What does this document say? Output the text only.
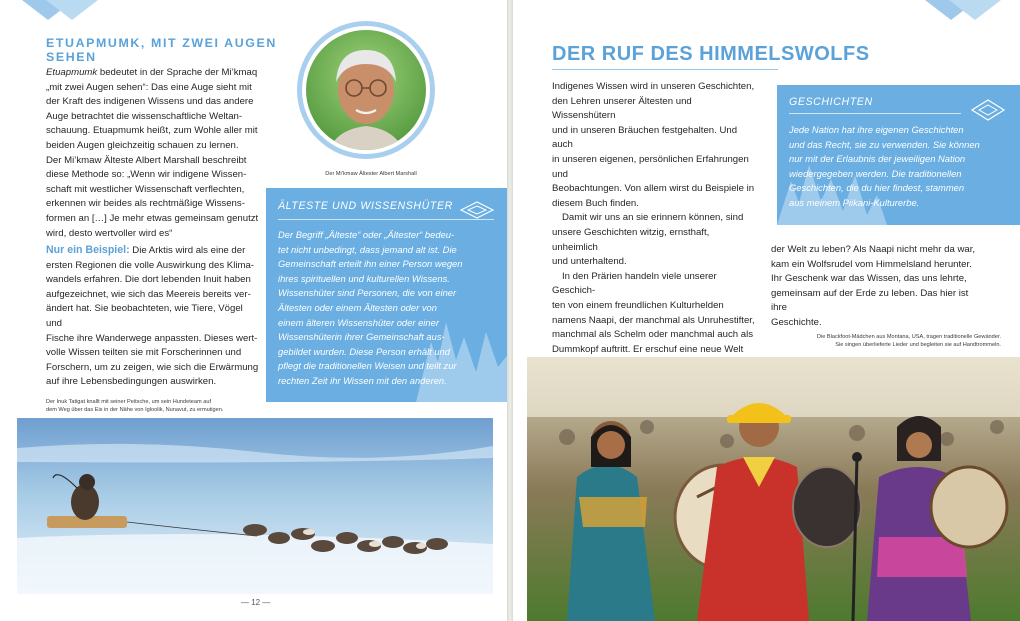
ETUAPMUMK, MIT ZWEI AUGEN
SEHEN

Etuapmumk bedeutet in der Sprache der Mi’kmaq

„mit zwei Augen sehen“: Das eine Auge sieht mit

der Kraft des indigenen Wissens und das andere

Auge betrachtet die wissenschaftliche Weltan-

schauung. Etuapmumk heißt, zum Wohle aller mit

beiden Augen gleichzeitig schauen zu lernen.

Der Mi’kmaw Älteste Albert Marshall beschreibt

diese Methode so: „Wenn wir indigene Wissen-

schaft mit westlicher Wissenschaft verflechten,

erkennen wir beides als rechtmäßige Wissens-

formen an […] Je mehr etwas gemeinsam genutzt

wird, desto wertvoller wird es“

Nur ein Beispiel: Die Arktis wird als eine der

ersten Regionen die volle Auswirkung des Klima-

wandels erfahren. Die dort lebenden Inuit haben

aufgezeichnet, wie sich das Meereis bereits ver-

ändert hat. Sie beobachteten, wie Tiere, Vögel und

Fische ihre Wanderwege anpassten. Dieses wert-

volle Wissen teilten sie mit Forscherinnen und

Forschern, um zu zeigen, wie sich die Erwärmung

auf ihre Lebensbedingungen auswirken.

Der Mi’kmaw Ältester Albert Marshall
ÄLTESTE UND WISSENSHÜTER

Der Begriff „Älteste“ oder „Ältester“ bedeu-

tet nicht unbedingt, dass jemand alt ist. Die

Gemeinschaft erteilt ihn einer Person wegen

ihres spirituellen und kulturellen Wissens.

Wissenshüter sind Personen, die von einer

Ältesten oder einem Ältesten oder von

einem älteren Wissenshüter oder einer

Wissenshüterin ihrer Gemeinschaft aus-

gebildet wurden. Diese Person erhält und

pflegt die traditionellen Weisen und teilt zur

rechten Zeit ihr Wissen mit den anderen.

Der Inuk Tatigat knallt mit seiner Peitsche, um sein Hundeteam auf
dem Weg über das Eis in der Nähe von Igloolik, Nunavut, zu ermutigen.
— 12 —
DER RUF DES HIMMELSWOLFS

Indigenes Wissen wird in unseren Geschichten,

den Lehren unserer Ältesten und Wissenshütern

und in unseren Bräuchen festgehalten. Und auch

in unseren eigenen, persönlichen Erfahrungen und

Beobachtungen. Von allem wirst du Beispiele in

diesem Buch finden.

Damit wir uns an sie erinnern können, sind

unsere Geschichten witzig, ernsthaft, unheimlich

und unterhaltend.

In den Prärien handeln viele unserer Geschich-

ten von einem freundlichen Kulturhelden

namens Naapi, der manchmal als Unruhestifter,

manchmal als Schelm oder manchmal auch als

Dummkopf auftritt. Er erschuf eine neue Welt

der Welt zu leben? Als Naapi nicht mehr da war,

kam ein Wolfsrudel vom Himmelsland herunter.

Ihr Geschenk war das Wissen, das uns lehrte,

gemeinsam auf der Erde zu leben. Das hier ist ihre

Geschichte.

GESCHICHTEN

Jede Nation hat ihre eigenen Geschichten

und das Recht, sie zu verwenden. Sie können

nur mit der Erlaubnis der jeweiligen Nation

wiedergegeben werden. Die traditionellen

Geschichten, die du hier findest, stammen

aus meinem Piikani-Kulturerbe.

Die Blackfoot-Mädchen aus Montana, USA, tragen traditionelle Gewänder.
Sie singen überlieferte Lieder und begleiten sie auf Handtrommeln.
